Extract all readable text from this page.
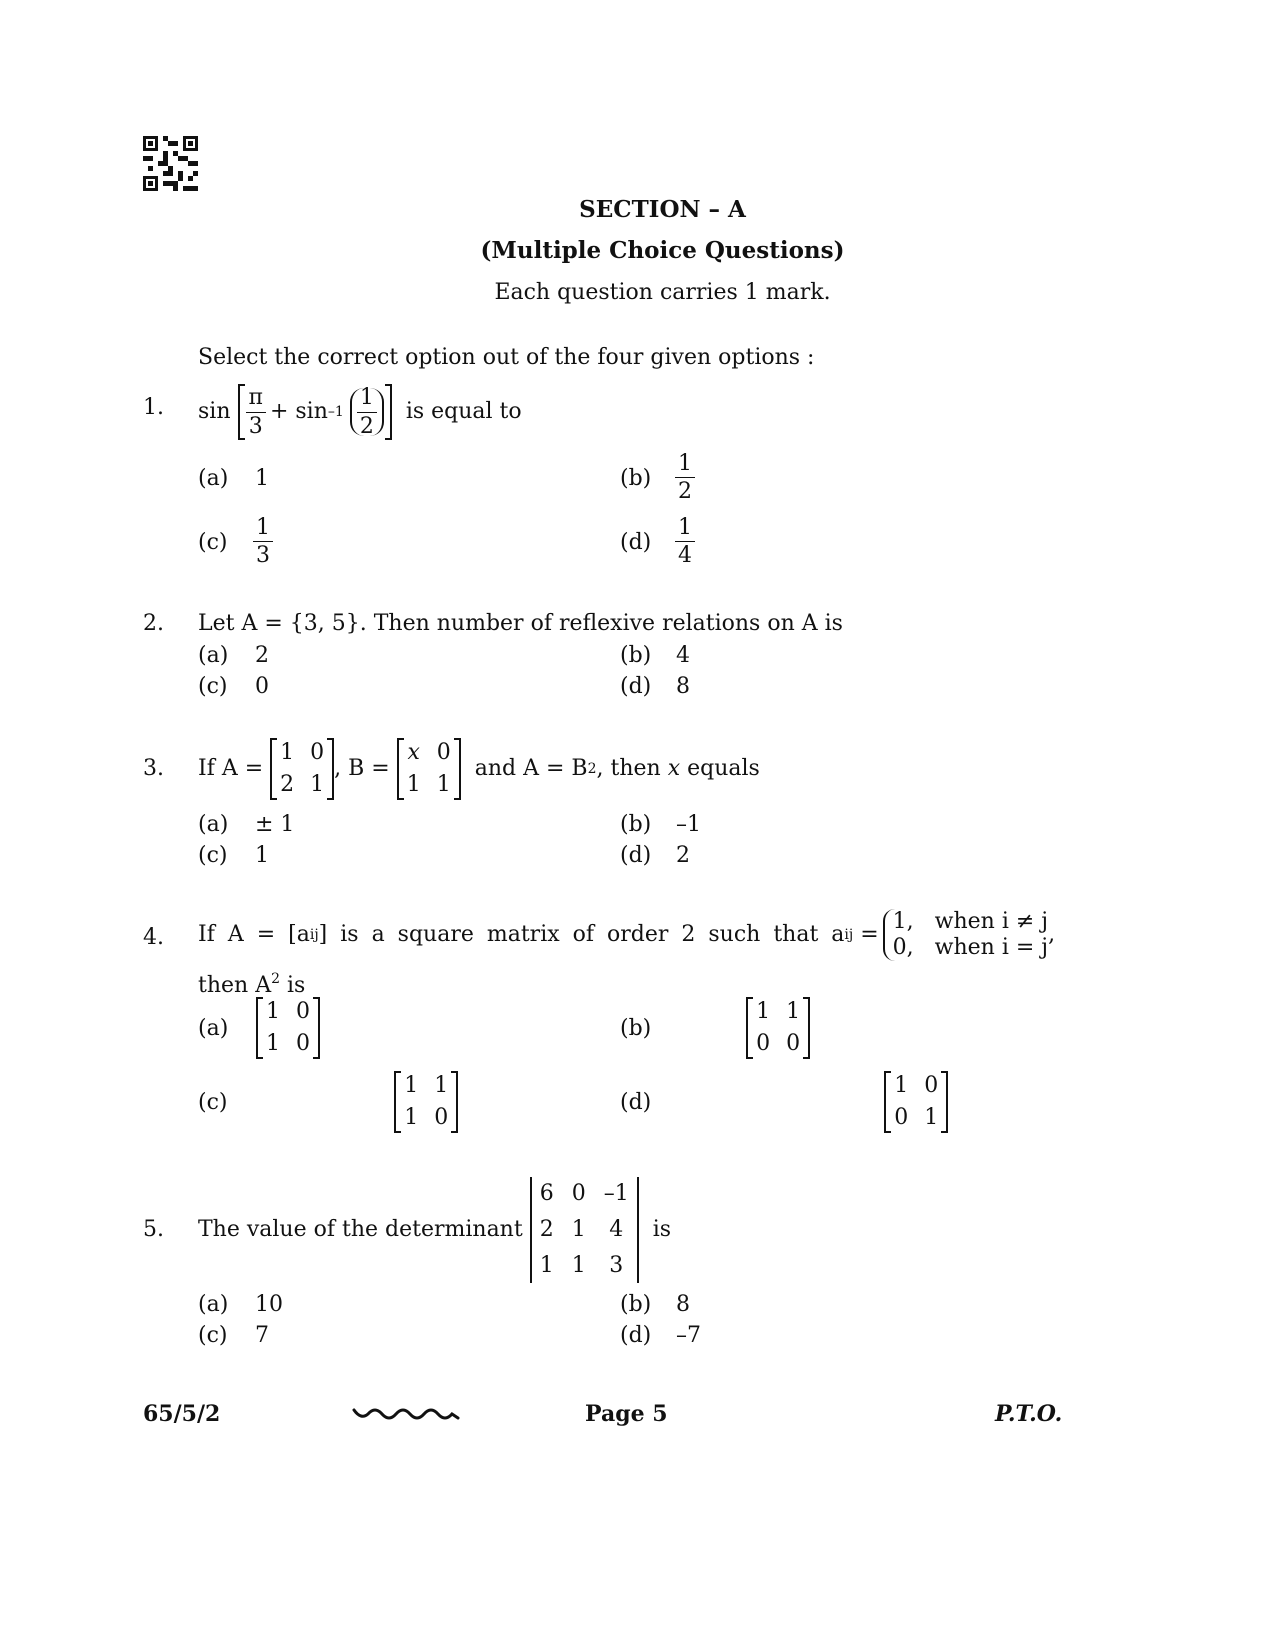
SECTION – A
(Multiple Choice Questions)
Each question carries 1 mark.
Select the correct option out of the four given options :
1. sin
$\frac{\pi}{3} + \sin -1 \frac{1}{2}$
is equal to
(a) 1	$(b) \frac{1}{2}$
$(c) \frac{1}{3}$	$(d) \frac{1}{4}$
2. Let A = {3, 5}. Then number of reflexive relations on A is
(a) 2	(b) 4
(c) 0	(d) 8
3. If A =

1 0
2 1
, B =

x 0
1 1

and A = B 2 , then
x
equals
(a) ± 1	(b) –1
(c) 1	(d) 2
4. If A = [a ij ] is a square matrix of order 2 such that a ij
=
1, when i ≠ j
0, when i = j
,
then $A^2$ is
(a)
1 0
1 0

(b)
1 1
0 0

(c)
1 1
1 0

(d)
1 0
0 1
5. The value of the determinant

6 0 –1
2 1 4
1 1 3

is
(a) 10	(b) 8
(c) 7	(d) –7
65/5/2	Page 5	P.T.O.
